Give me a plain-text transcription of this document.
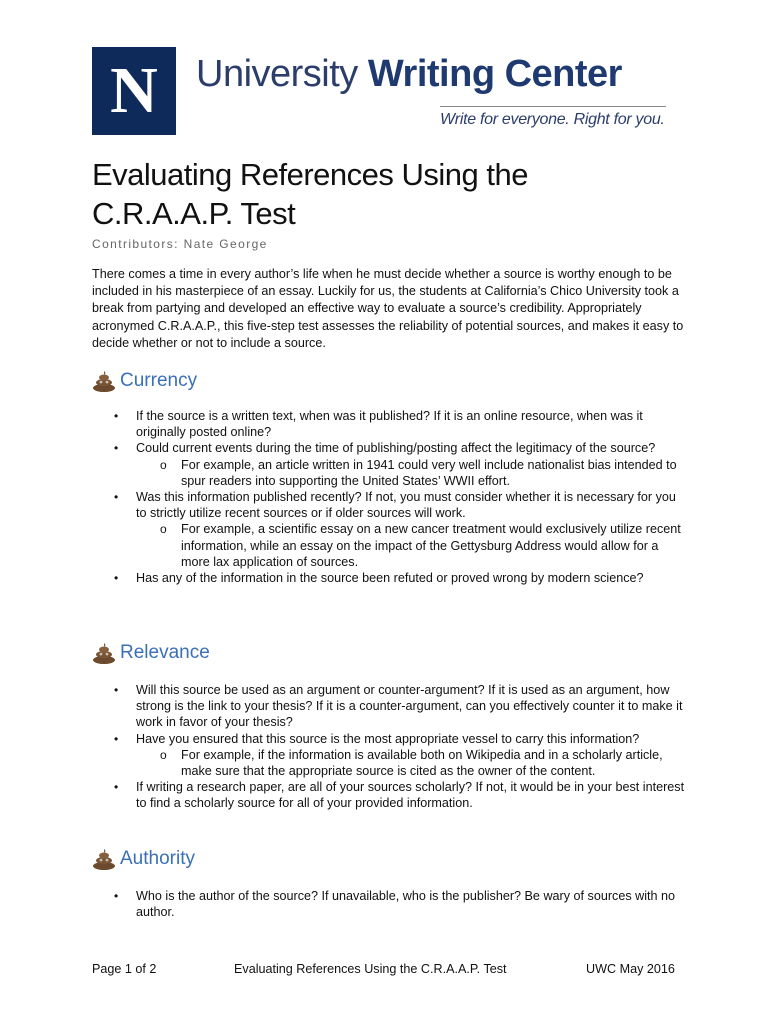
N	University Writing Center
Write for everyone. Right for you.
Evaluating References Using the C.R.A.A.P. Test
Contributors: Nate George
There comes a time in every author’s life when he must decide whether a source is worthy enough to be included in his masterpiece of an essay. Luckily for us, the students at California’s Chico University took a break from partying and developed an effective way to evaluate a source’s credibility. Appropriately acronymed C.R.A.A.P., this five-step test assesses the reliability of potential sources, and makes it easy to decide whether or not to include a source.
Currency
• If the source is a written text, when was it published? If it is an online resource, when was it originally posted online?
• Could current events during the time of publishing/posting affect the legitimacy of the source?
o For example, an article written in 1941 could very well include nationalist bias intended to spur readers into supporting the United States’ WWII effort.
• Was this information published recently? If not, you must consider whether it is necessary for you to strictly utilize recent sources or if older sources will work.
o For example, a scientific essay on a new cancer treatment would exclusively utilize recent information, while an essay on the impact of the Gettysburg Address would allow for a more lax application of sources.
• Has any of the information in the source been refuted or proved wrong by modern science?
Relevance
• Will this source be used as an argument or counter-argument? If it is used as an argument, how strong is the link to your thesis? If it is a counter-argument, can you effectively counter it to make it work in favor of your thesis?
• Have you ensured that this source is the most appropriate vessel to carry this information?
o For example, if the information is available both on Wikipedia and in a scholarly article, make sure that the appropriate source is cited as the owner of the content.
• If writing a research paper, are all of your sources scholarly? If not, it would be in your best interest to find a scholarly source for all of your provided information.
Authority
• Who is the author of the source? If unavailable, who is the publisher? Be wary of sources with no author.
Page 1 of 2	Evaluating References Using the C.R.A.A.P. Test	UWC May 2016
